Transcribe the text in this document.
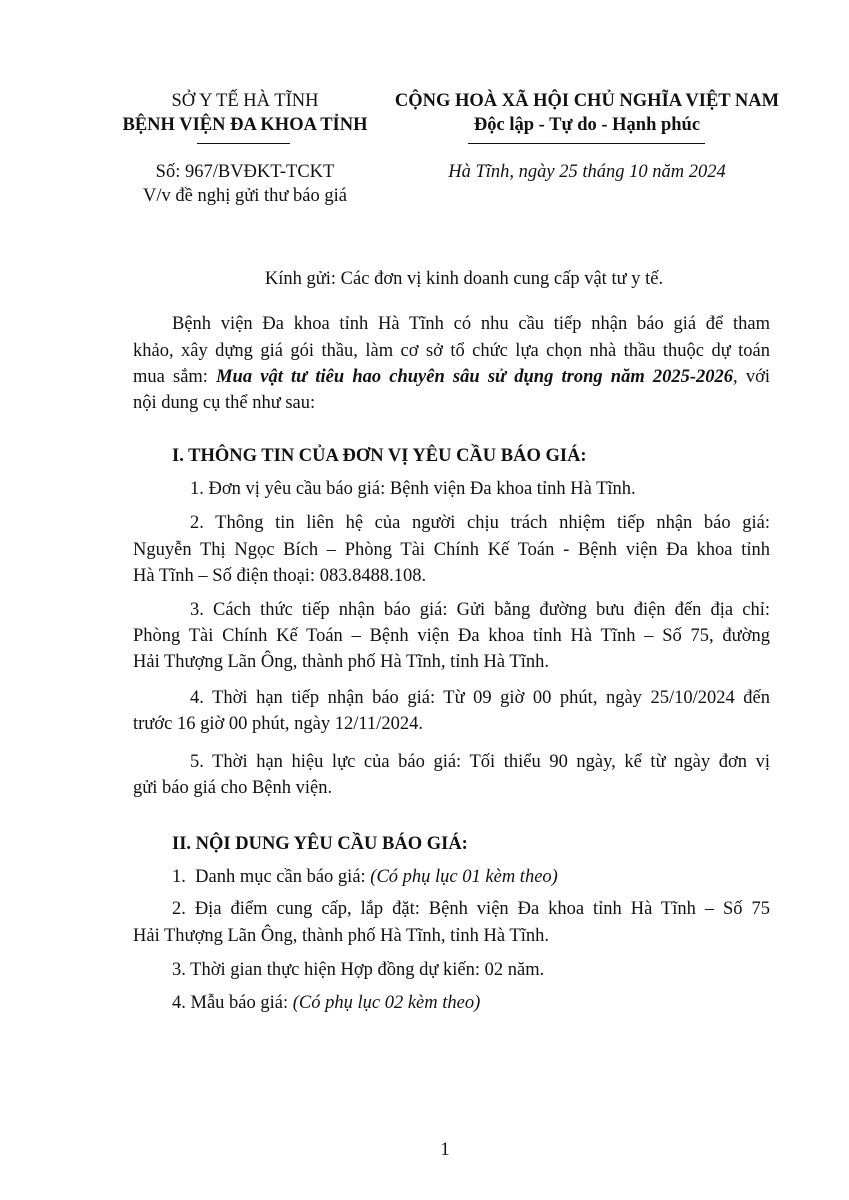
SỞ Y TẾ HÀ TĨNH
BỆNH VIỆN ĐA KHOA TỈNH
Số: 967/BVĐKT-TCKT
V/v đề nghị gửi thư báo giá
CỘNG HOÀ XÃ HỘI CHỦ NGHĨA VIỆT NAM
Độc lập - Tự do - Hạnh phúc
Hà Tĩnh, ngày 25 tháng 10 năm 2024
Kính gửi: Các đơn vị kinh doanh cung cấp vật tư y tế.
Bệnh viện Đa khoa tỉnh Hà Tĩnh có nhu cầu tiếp nhận báo giá để tham
khảo, xây dựng giá gói thầu, làm cơ sở tổ chức lựa chọn nhà thầu thuộc dự toán
mua sắm: Mua vật tư tiêu hao chuyên sâu sử dụng trong năm 2025-2026, với
nội dung cụ thể như sau:
I. THÔNG TIN CỦA ĐƠN VỊ YÊU CẦU BÁO GIÁ:
1. Đơn vị yêu cầu báo giá: Bệnh viện Đa khoa tỉnh Hà Tĩnh.
2. Thông tin liên hệ của người chịu trách nhiệm tiếp nhận báo giá:
Nguyễn Thị Ngọc Bích – Phòng Tài Chính Kế Toán - Bệnh viện Đa khoa tỉnh
Hà Tĩnh – Số điện thoại: 083.8488.108.
3. Cách thức tiếp nhận báo giá: Gửi bằng đường bưu điện đến địa chỉ:
Phòng Tài Chính Kế Toán – Bệnh viện Đa khoa tỉnh Hà Tĩnh – Số 75, đường
Hải Thượng Lãn Ông, thành phố Hà Tĩnh, tỉnh Hà Tĩnh.
4. Thời hạn tiếp nhận báo giá: Từ 09 giờ 00 phút, ngày 25/10/2024 đến
trước 16 giờ 00 phút, ngày 12/11/2024.
5. Thời hạn hiệu lực của báo giá: Tối thiểu 90 ngày, kể từ ngày đơn vị
gửi báo giá cho Bệnh viện.
II. NỘI DUNG YÊU CẦU BÁO GIÁ:
1.  Danh mục cần báo giá: (Có phụ lục 01 kèm theo)
2. Địa điểm cung cấp, lắp đặt: Bệnh viện Đa khoa tỉnh Hà Tĩnh – Số 75
Hải Thượng Lãn Ông, thành phố Hà Tĩnh, tỉnh Hà Tĩnh.
3. Thời gian thực hiện Hợp đồng dự kiến: 02 năm.
4. Mẫu báo giá: (Có phụ lục 02 kèm theo)
1
